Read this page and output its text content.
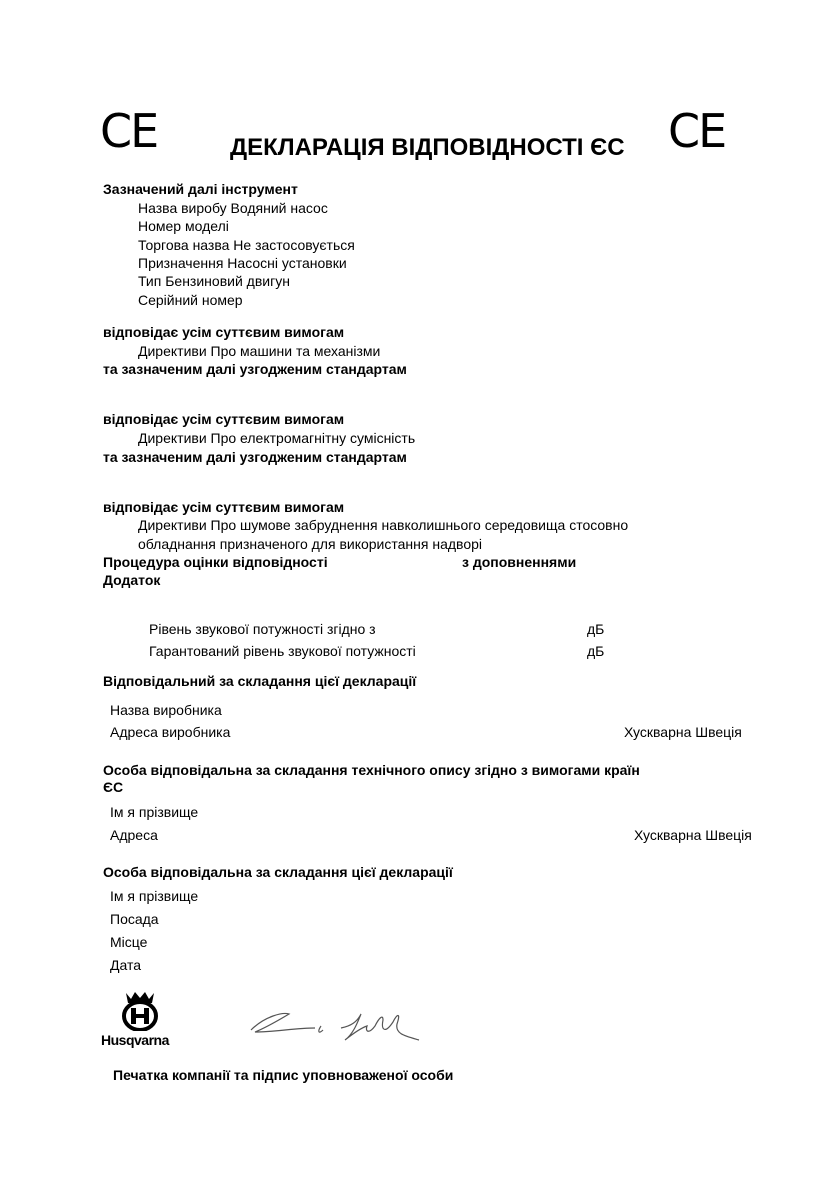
CE	ДЕКЛАРАЦІЯ ВІДПОВІДНОСТІ ЄС CE
Зазначений далі інструмент
Назва виробу Водяний насос
Номер моделі
Торгова назва Не застосовується
Призначення Насосні установки
Тип Бензиновий двигун
Серійний номер
відповідає усім суттєвим вимогам
Директиви Про машини та механізми
та зазначеним далі узгодженим стандартам
відповідає усім суттєвим вимогам
Директиви Про електромагнітну сумісність
та зазначеним далі узгодженим стандартам
відповідає усім суттєвим вимогам
Директиви Про шумове забруднення навколишнього середовища стосовно
обладнання призначеного для використання надворі
Процедура оцінки відповідності	з доповненнями
Додаток
Рівень звукової потужності згідно з	дБ
Гарантований рівень звукової потужності	дБ
Відповідальний за складання цієї декларації
Назва виробника
Адреса виробника	Хускварна Швеція
Особа відповідальна за складання технічного опису згідно з вимогами країн
ЄС
Ім я прізвище
Адреса	Хускварна Швеція
Особа відповідальна за складання цієї декларації
Ім я прізвище
Посада
Місце
Дата
Husqvarna
Печатка компанії та підпис уповноваженої особи
